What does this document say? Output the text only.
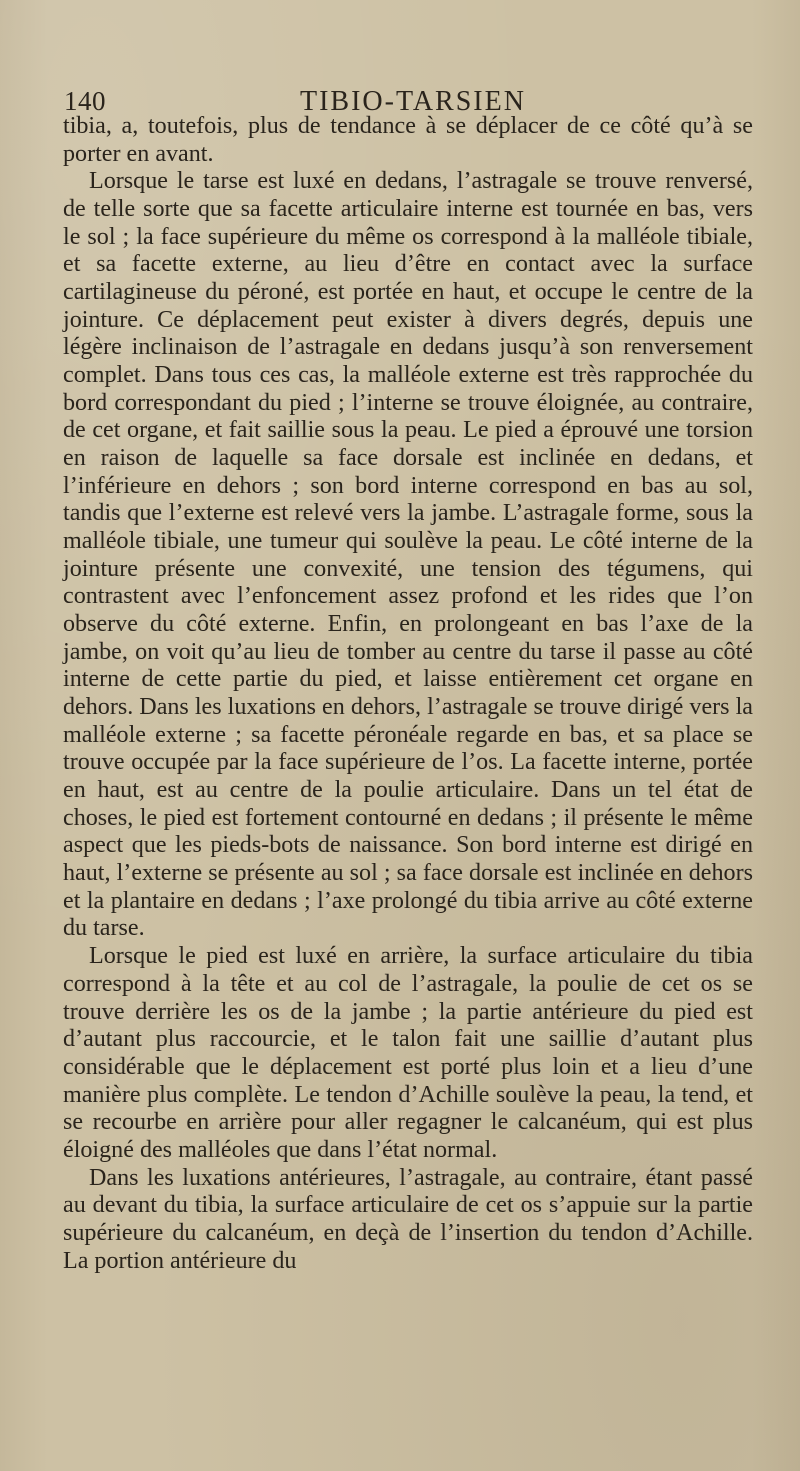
140	TIBIO-TARSIEN

tibia, a, toutefois, plus de tendance à se déplacer de ce côté qu’à se porter en avant.

Lorsque le tarse est luxé en dedans, l’astragale se trouve renversé, de telle sorte que sa facette articulaire interne est tournée en bas, vers le sol ; la face supérieure du même os correspond à la malléole tibiale, et sa facette externe, au lieu d’être en contact avec la surface cartilagineuse du péroné, est portée en haut, et occupe le centre de la jointure. Ce déplacement peut exister à divers degrés, depuis une légère inclinaison de l’astragale en dedans jusqu’à son renversement complet. Dans tous ces cas, la malléole externe est très rapprochée du bord correspondant du pied ; l’interne se trouve éloignée, au contraire, de cet organe, et fait saillie sous la peau. Le pied a éprouvé une torsion en raison de laquelle sa face dorsale est inclinée en dedans, et l’inférieure en dehors ; son bord interne correspond en bas au sol, tandis que l’externe est relevé vers la jambe. L’astragale forme, sous la malléole tibiale, une tumeur qui soulève la peau. Le côté interne de la jointure présente une convexité, une tension des tégumens, qui contrastent avec l’enfoncement assez profond et les rides que l’on observe du côté externe. Enfin, en prolongeant en bas l’axe de la jambe, on voit qu’au lieu de tomber au centre du tarse il passe au côté interne de cette partie du pied, et laisse entièrement cet organe en dehors. Dans les luxations en dehors, l’astragale se trouve dirigé vers la malléole externe ; sa facette péronéale regarde en bas, et sa place se trouve occupée par la face supérieure de l’os. La facette interne, portée en haut, est au centre de la poulie articulaire. Dans un tel état de choses, le pied est fortement contourné en dedans ; il présente le même aspect que les pieds-bots de naissance. Son bord interne est dirigé en haut, l’externe se présente au sol ; sa face dorsale est inclinée en dehors et la plantaire en dedans ; l’axe prolongé du tibia arrive au côté externe du tarse.

Lorsque le pied est luxé en arrière, la surface articulaire du tibia correspond à la tête et au col de l’astragale, la poulie de cet os se trouve derrière les os de la jambe ; la partie antérieure du pied est d’autant plus raccourcie, et le talon fait une saillie d’autant plus considérable que le déplacement est porté plus loin et a lieu d’une manière plus complète. Le tendon d’Achille soulève la peau, la tend, et se recourbe en arrière pour aller regagner le calcanéum, qui est plus éloigné des malléoles que dans l’état normal.

Dans les luxations antérieures, l’astragale, au contraire, étant passé au devant du tibia, la surface articulaire de cet os s’appuie sur la partie supérieure du calcanéum, en deçà de l’insertion du tendon d’Achille. La portion antérieure du
